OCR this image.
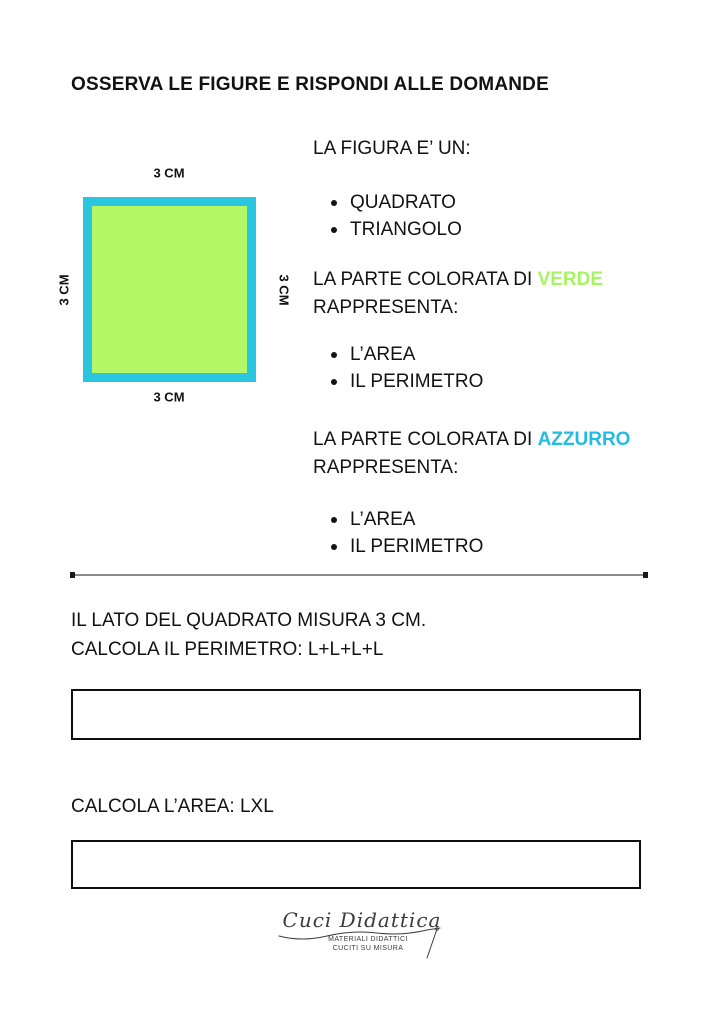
OSSERVA LE FIGURE E RISPONDI ALLE DOMANDE
3 CM
3 CM	3 CM
3 CM
LA FIGURA E’ UN:
QUADRATO
TRIANGOLO
LA PARTE COLORATA DI VERDE
RAPPRESENTA:
L’AREA
IL PERIMETRO
LA PARTE COLORATA DI AZZURRO
RAPPRESENTA:
L’AREA
IL PERIMETRO
IL LATO DEL QUADRATO MISURA 3 CM.
CALCOLA IL PERIMETRO: L+L+L+L
CALCOLA L’AREA: LXL
Cuci Didattica
MATERIALI DIDATTICI
CUCITI SU MISURA
